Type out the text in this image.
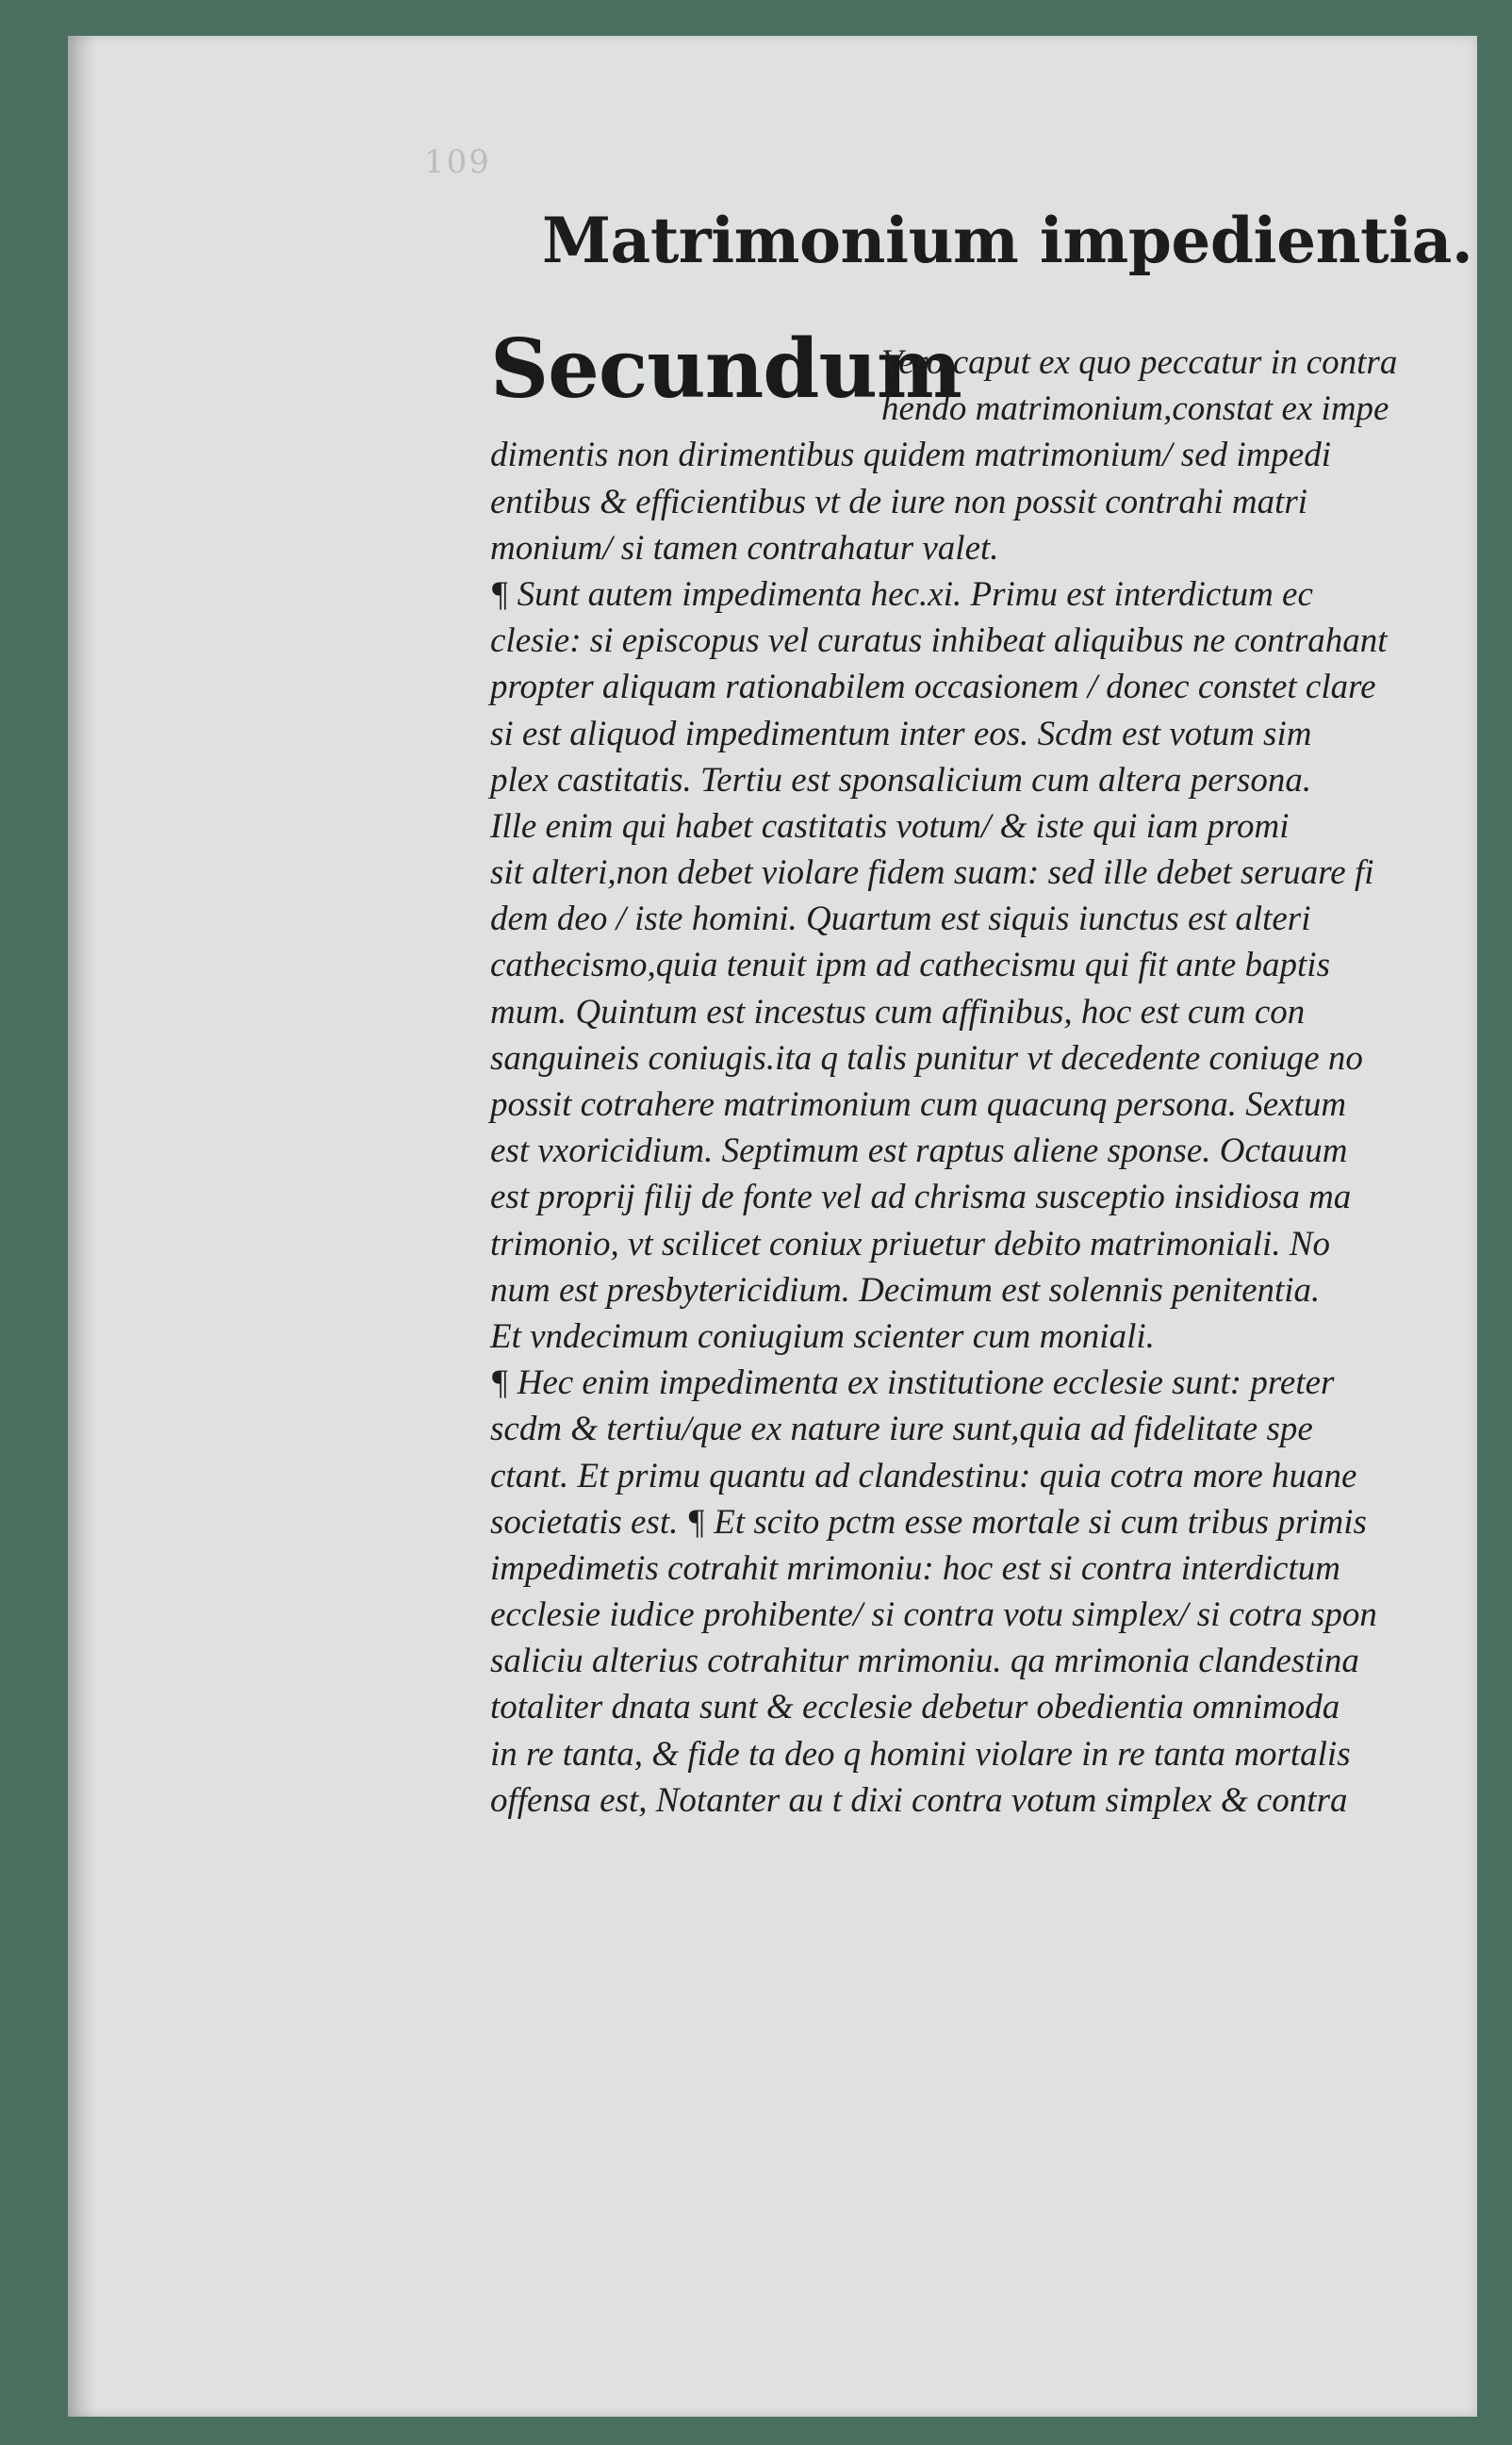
109
Matrimonium impedientia.
Secundum
Vero caput ex quo peccatur in contra
hendo matrimonium,constat ex impe
dimentis non dirimentibus quidem matrimonium/ sed impedi
entibus & efficientibus vt de iure non possit contrahi matri
monium/ si tamen contrahatur valet.
¶ Sunt autem impedimenta hec.xi. Primu est interdictum ec
clesie: si episcopus vel curatus inhibeat aliquibus ne contrahant
propter aliquam rationabilem occasionem / donec constet clare
si est aliquod impedimentum inter eos. Scdm est votum sim
plex castitatis. Tertiu est sponsalicium cum altera persona.
Ille enim qui habet castitatis votum/ & iste qui iam promi
sit alteri,non debet violare fidem suam: sed ille debet seruare fi
dem deo / iste homini. Quartum est siquis iunctus est alteri
cathecismo,quia tenuit ipm ad cathecismu qui fit ante baptis
mum. Quintum est incestus cum affinibus, hoc est cum con
sanguineis coniugis.ita q talis punitur vt decedente coniuge no
possit cotrahere matrimonium cum quacunq persona. Sextum
est vxoricidium. Septimum est raptus aliene sponse. Octauum
est proprij filij de fonte vel ad chrisma susceptio insidiosa ma
trimonio, vt scilicet coniux priuetur debito matrimoniali. No
num est presbytericidium. Decimum est solennis penitentia.
Et vndecimum coniugium scienter cum moniali.
¶ Hec enim impedimenta ex institutione ecclesie sunt: preter
scdm & tertiu/que ex nature iure sunt,quia ad fidelitate spe
ctant. Et primu quantu ad clandestinu: quia cotra more huane
societatis est. ¶ Et scito pctm esse mortale si cum tribus primis
impedimetis cotrahit mrimoniu: hoc est si contra interdictum
ecclesie iudice prohibente/ si contra votu simplex/ si cotra spon
saliciu alterius cotrahitur mrimoniu. qa mrimonia clandestina
totaliter dnata sunt & ecclesie debetur obedientia omnimoda
in re tanta, & fide ta deo q homini violare in re tanta mortalis
offensa est, Notanter au t dixi contra votum simplex & contra
